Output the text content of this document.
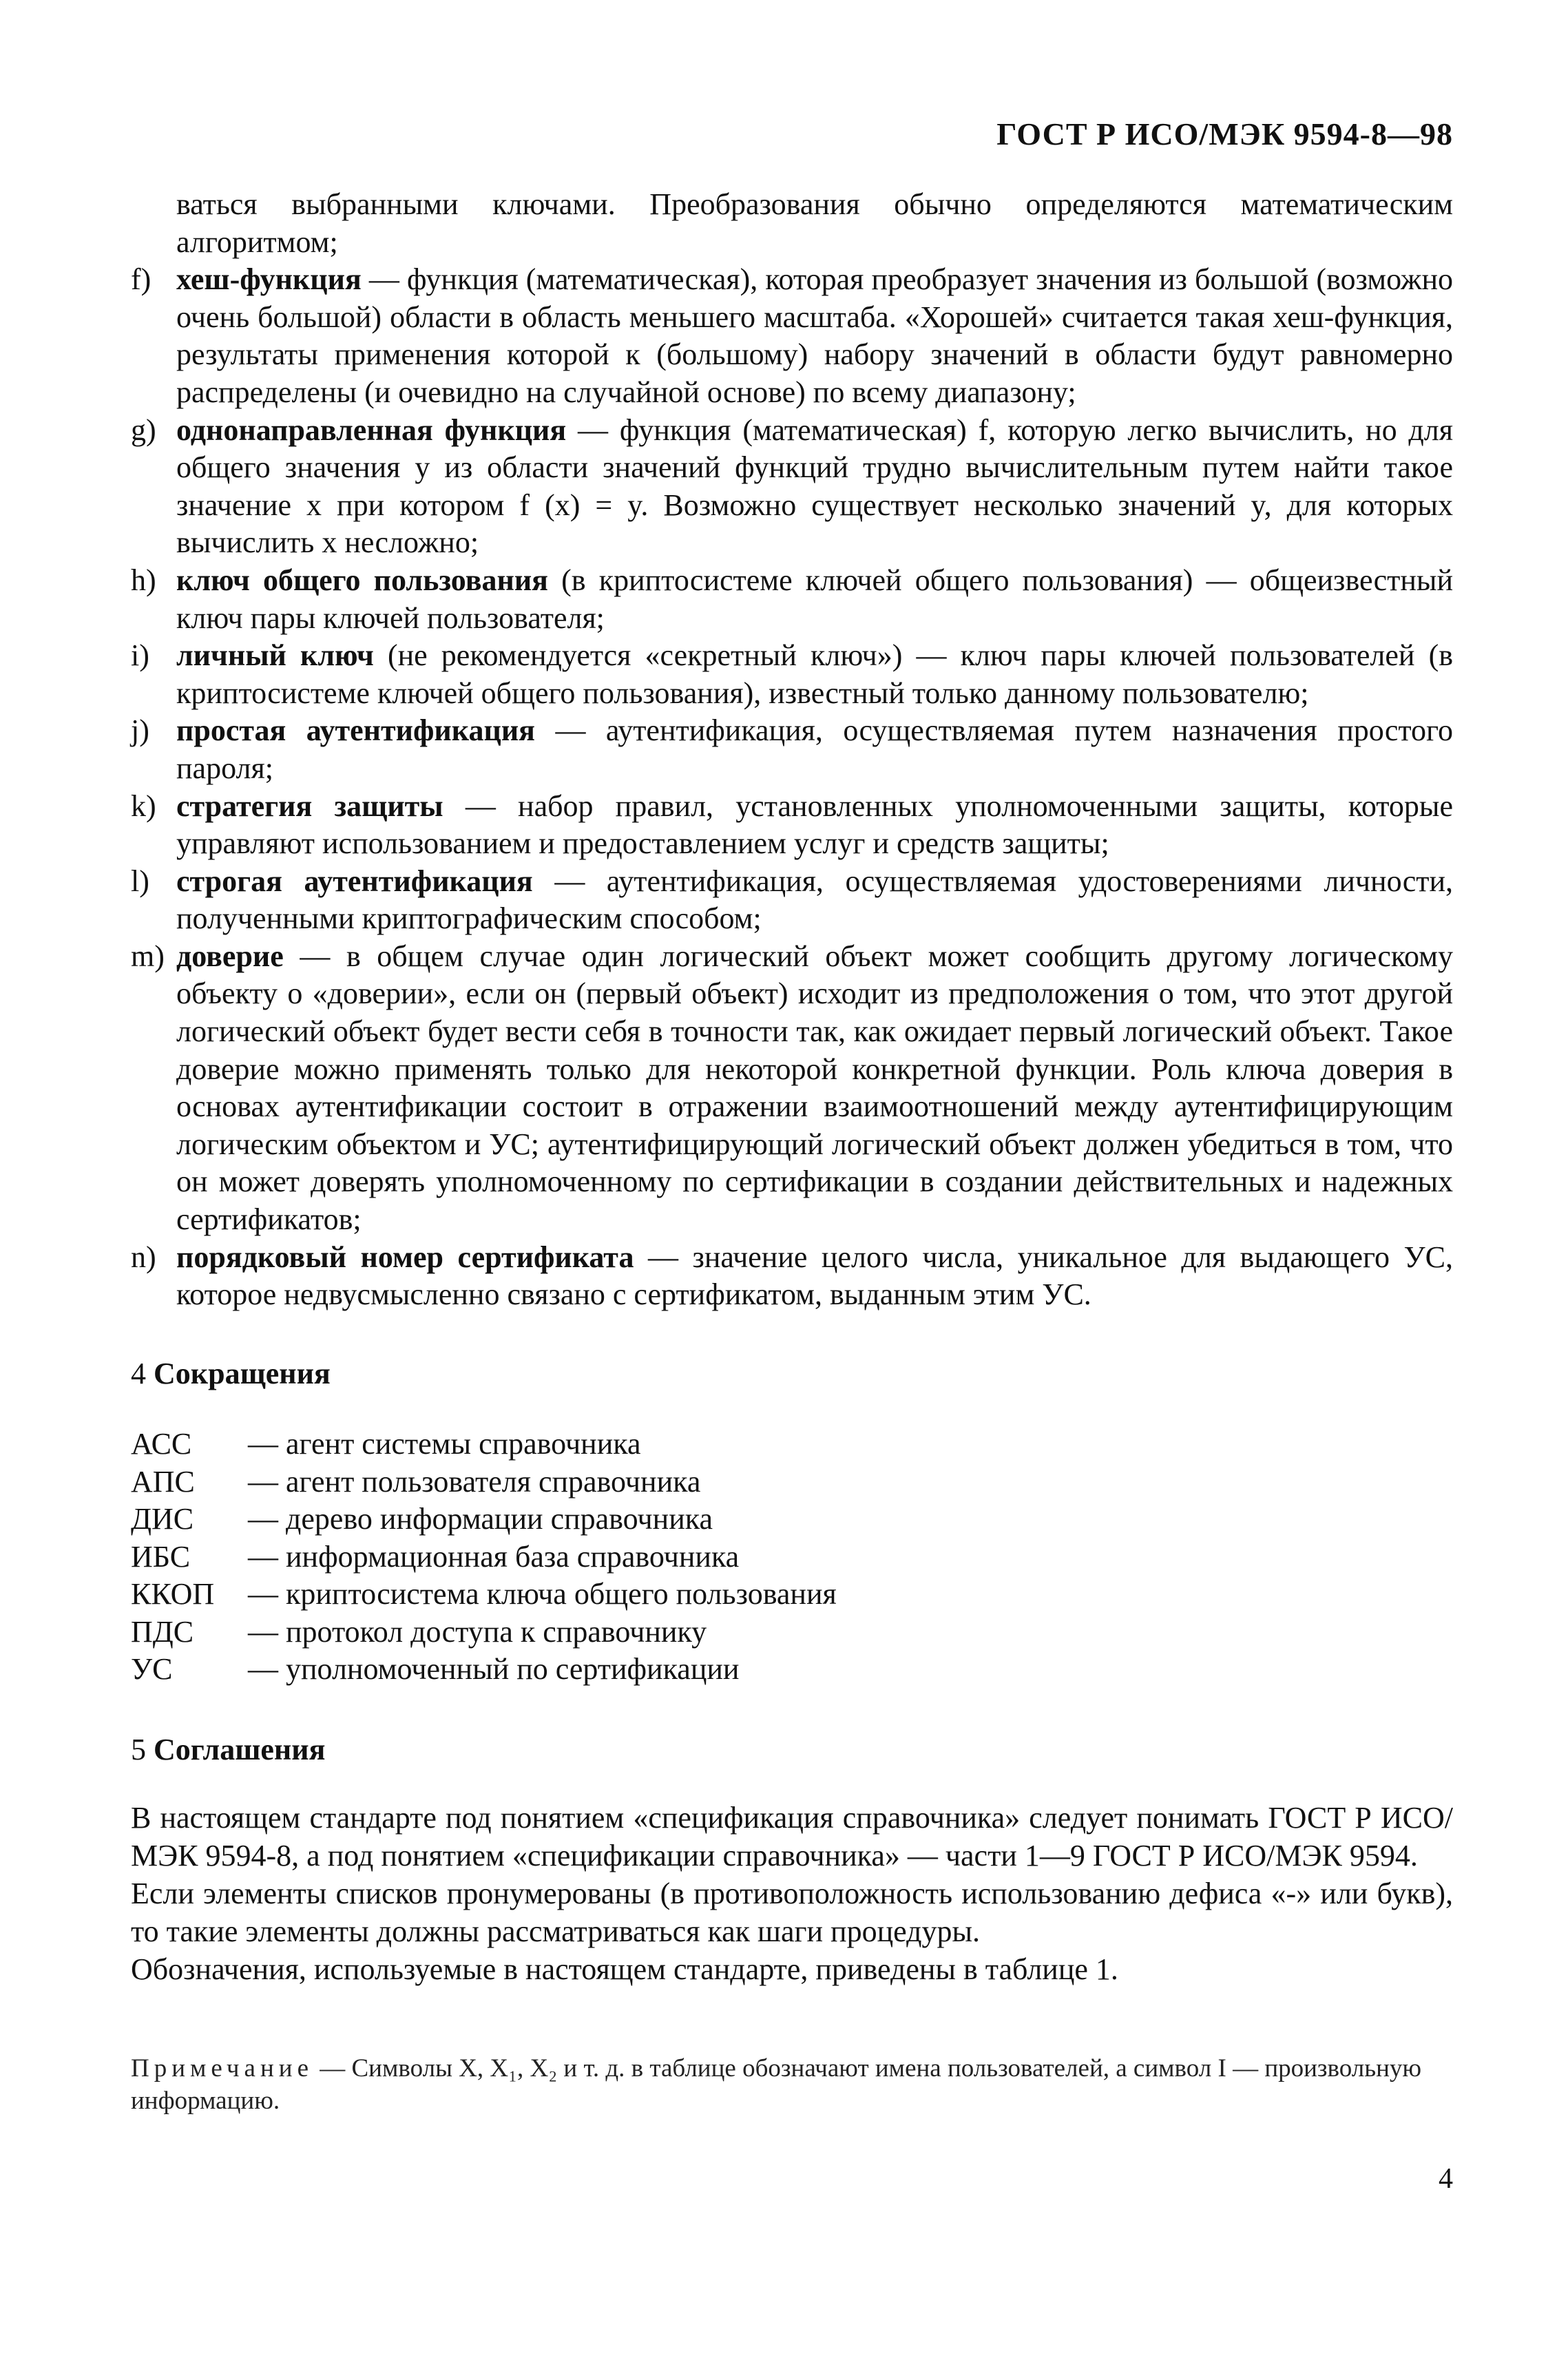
ГОСТ Р ИСО/МЭК 9594-8—98
ваться выбранными ключами. Преобразования обычно определяются математическим алгоритмом;
f) хеш-функция — функция (математическая), которая преобразует значения из большой (возможно очень большой) области в область меньшего масштаба. «Хорошей» считается такая хеш-функция, результаты применения которой к (большому) набору значений в области будут равномерно распределены (и очевидно на случайной основе) по всему диапазону;
g) однонаправленная функция — функция (математическая) f, которую легко вычислить, но для общего значения y из области значений функций трудно вычислительным путем найти такое значение x при котором f (x) = y. Возможно существует несколько значений y, для которых вычислить x несложно;
h) ключ общего пользования (в криптосистеме ключей общего пользования) — общеизвестный ключ пары ключей пользователя;
i) личный ключ (не рекомендуется «секретный ключ») — ключ пары ключей пользователей (в криптосистеме ключей общего пользования), известный только данному пользователю;
j) простая аутентификация — аутентификация, осуществляемая путем назначения простого пароля;
k) стратегия защиты — набор правил, установленных уполномоченными защиты, которые управляют использованием и предоставлением услуг и средств защиты;
l) строгая аутентификация — аутентификация, осуществляемая удостоверениями личности, полученными криптографическим способом;
m) доверие — в общем случае один логический объект может сообщить другому логическому объекту о «доверии», если он (первый объект) исходит из предположения о том, что этот другой логический объект будет вести себя в точности так, как ожидает первый логический объект. Такое доверие можно применять только для некоторой конкретной функции. Роль ключа доверия в основах аутентификации состоит в отражении взаимоотношений между аутентифицирующим логическим объектом и УС; аутентифицирующий логический объект должен убедиться в том, что он может доверять уполномоченному по сертификации в создании действительных и надежных сертификатов;
n) порядковый номер сертификата — значение целого числа, уникальное для выдающего УС, которое недвусмысленно связано с сертификатом, выданным этим УС.
4 Сокращения
АСС	— агент системы справочника
АПС	— агент пользователя справочника
ДИС	— дерево информации справочника
ИБС	— информационная база справочника
ККОП	— криптосистема ключа общего пользования
ПДС	— протокол доступа к справочнику
УС	— уполномоченный по сертификации
5 Соглашения
В настоящем стандарте под понятием «спецификация справочника» следует понимать ГОСТ Р ИСО/МЭК 9594-8, а под понятием «спецификации справочника» — части 1—9 ГОСТ Р ИСО/МЭК 9594.
Если элементы списков пронумерованы (в противоположность использованию дефиса «-» или букв), то такие элементы должны рассматриваться как шаги процедуры.
Обозначения, используемые в настоящем стандарте, приведены в таблице 1.
Примечание — Символы X, X₁, X₂ и т. д. в таблице обозначают имена пользователей, а символ I — произвольную информацию.
4
